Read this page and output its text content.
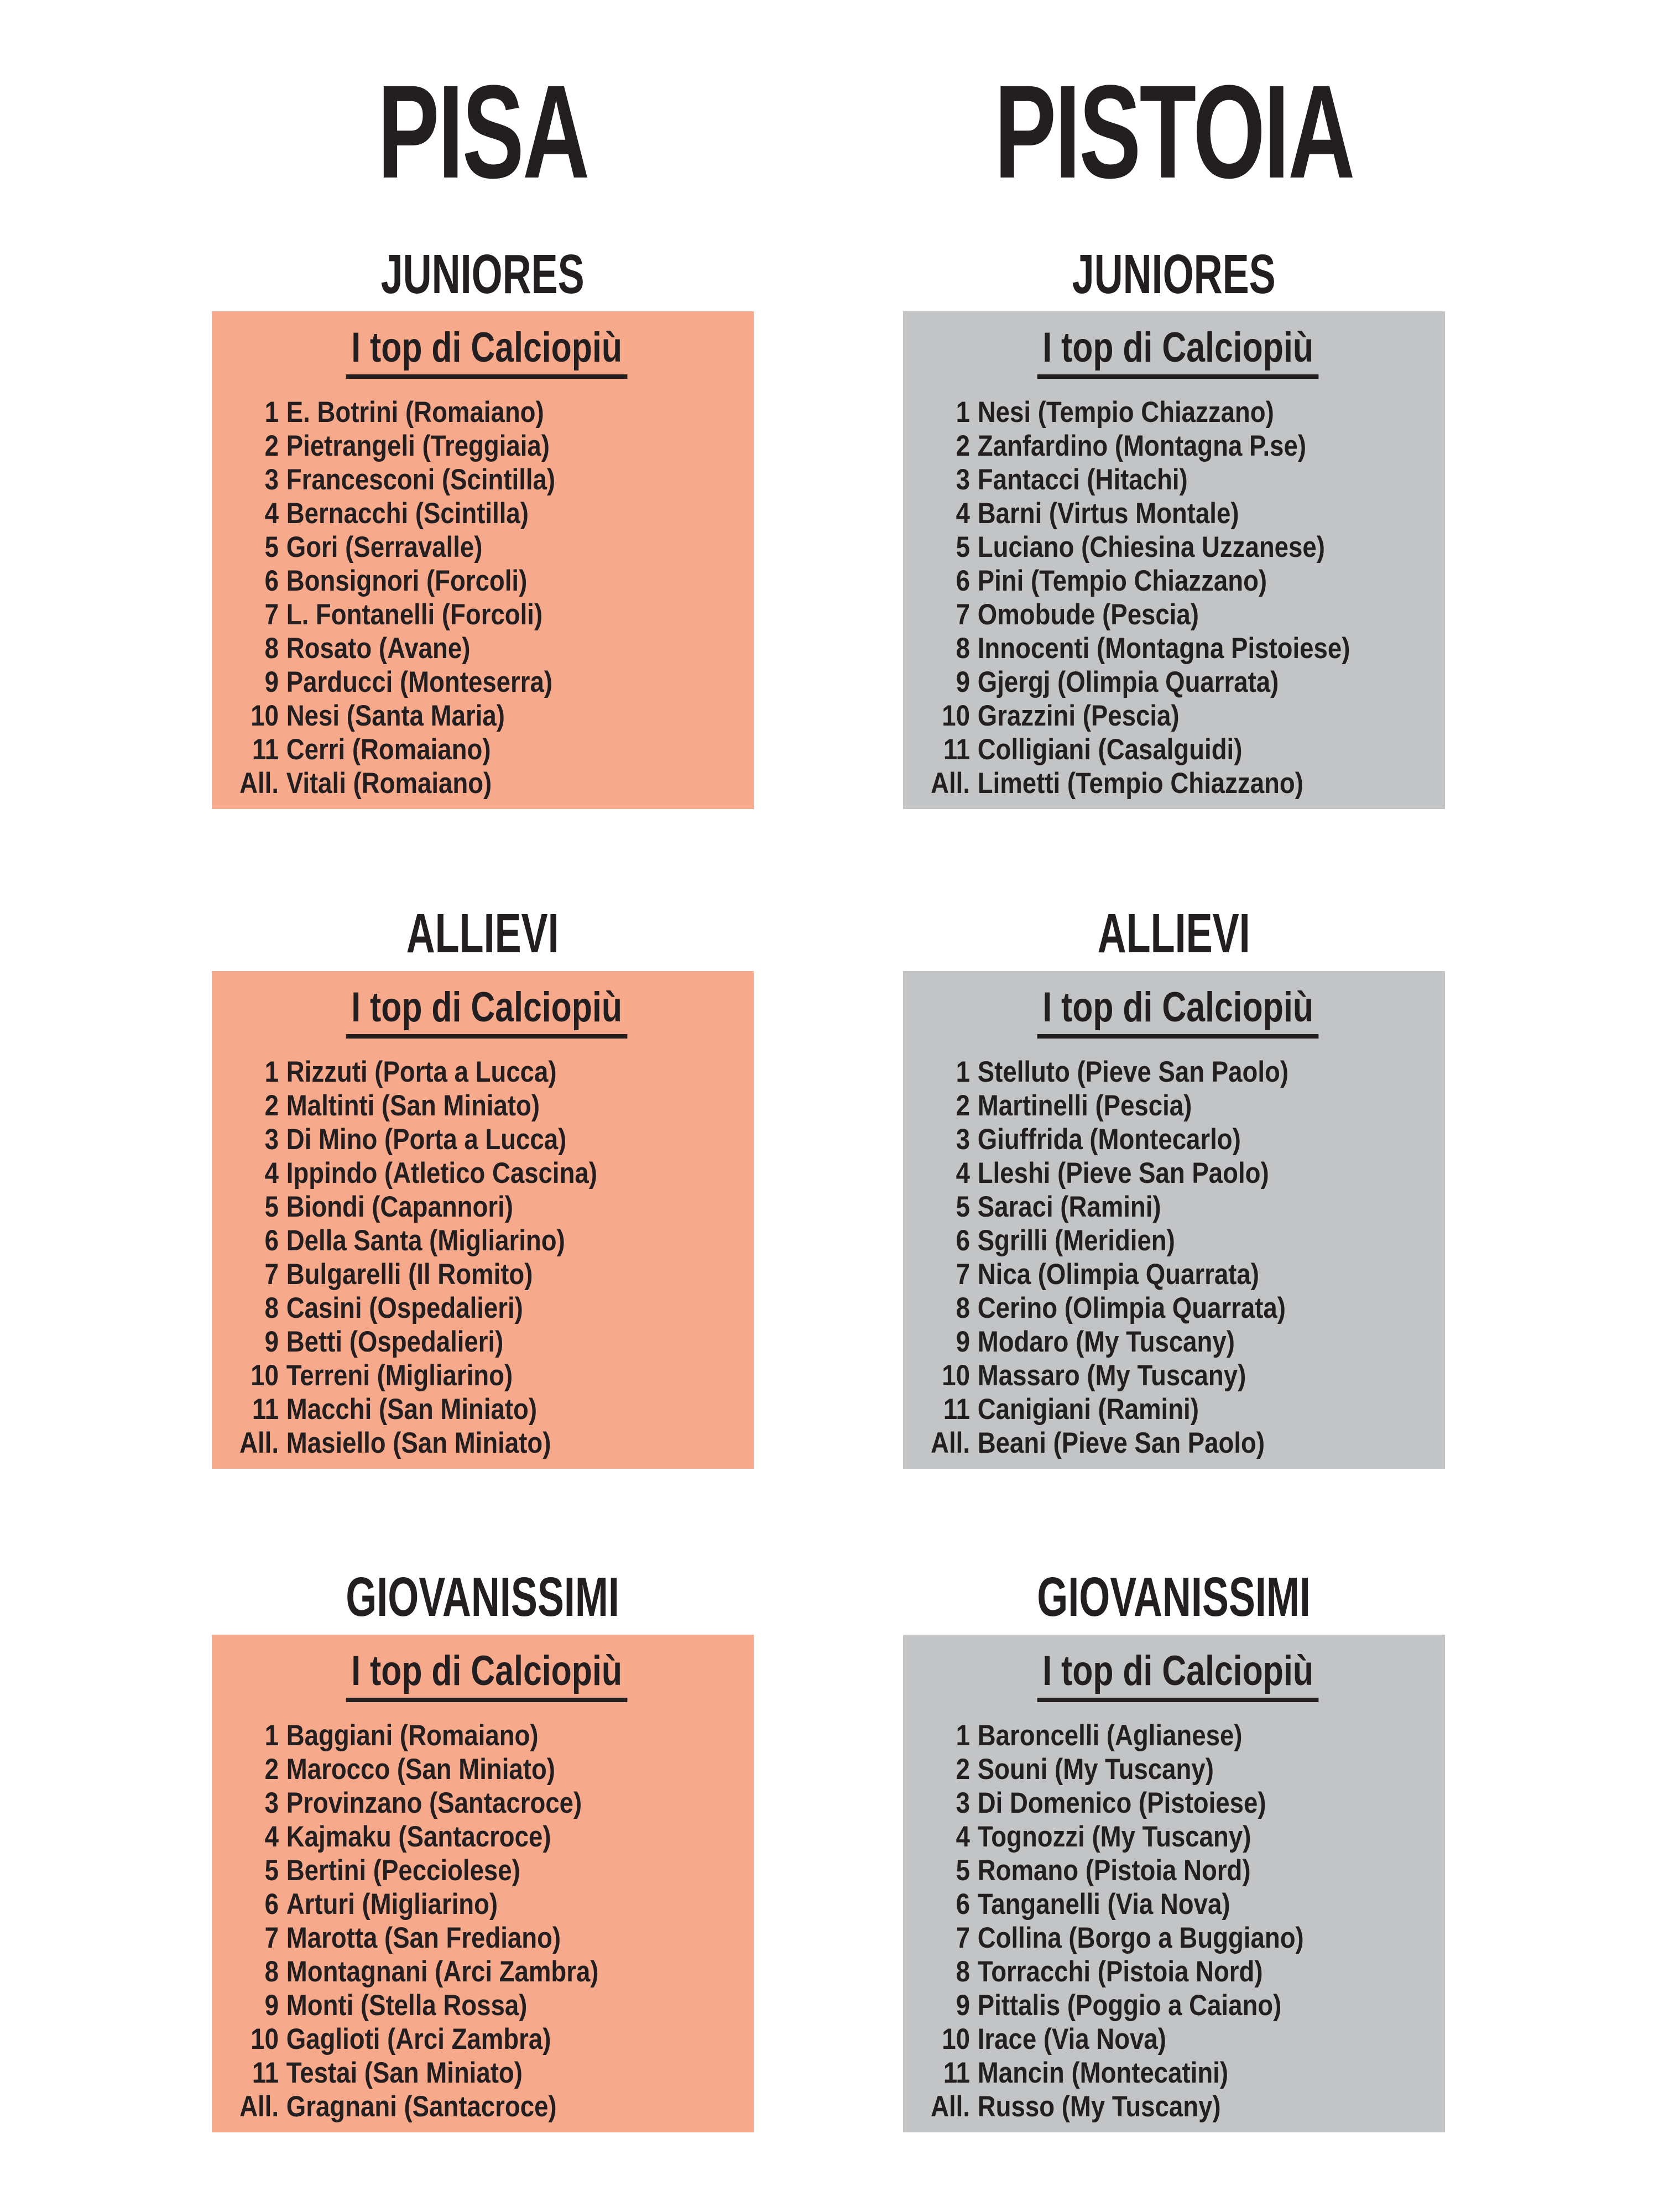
PISA
JUNIORES
I top di Calciopiù
1 E. Botrini (Romaiano)
2 Pietrangeli (Treggiaia)
3 Francesconi (Scintilla)
4 Bernacchi (Scintilla)
5 Gori (Serravalle)
6 Bonsignori (Forcoli)
7 L. Fontanelli (Forcoli)
8 Rosato (Avane)
9 Parducci (Monteserra)
10 Nesi (Santa Maria)
11 Cerri (Romaiano)
All. Vitali (Romaiano)
ALLIEVI
I top di Calciopiù
1 Rizzuti (Porta a Lucca)
2 Maltinti (San Miniato)
3 Di Mino (Porta a Lucca)
4 Ippindo (Atletico Cascina)
5 Biondi (Capannori)
6 Della Santa (Migliarino)
7 Bulgarelli (Il Romito)
8 Casini (Ospedalieri)
9 Betti (Ospedalieri)
10 Terreni (Migliarino)
11 Macchi (San Miniato)
All. Masiello (San Miniato)
GIOVANISSIMI
I top di Calciopiù
1 Baggiani (Romaiano)
2 Marocco (San Miniato)
3 Provinzano (Santacroce)
4 Kajmaku (Santacroce)
5 Bertini (Pecciolese)
6 Arturi (Migliarino)
7 Marotta (San Frediano)
8 Montagnani (Arci Zambra)
9 Monti (Stella Rossa)
10 Gaglioti (Arci Zambra)
11 Testai (San Miniato)
All. Gragnani (Santacroce)
PISTOIA
JUNIORES
I top di Calciopiù
1 Nesi (Tempio Chiazzano)
2 Zanfardino (Montagna P.se)
3 Fantacci (Hitachi)
4 Barni (Virtus Montale)
5 Luciano (Chiesina Uzzanese)
6 Pini (Tempio Chiazzano)
7 Omobude (Pescia)
8 Innocenti (Montagna Pistoiese)
9 Gjergj (Olimpia Quarrata)
10 Grazzini (Pescia)
11 Colligiani (Casalguidi)
All. Limetti (Tempio Chiazzano)
ALLIEVI
I top di Calciopiù
1 Stelluto (Pieve San Paolo)
2 Martinelli (Pescia)
3 Giuffrida (Montecarlo)
4 Lleshi (Pieve San Paolo)
5 Saraci (Ramini)
6 Sgrilli (Meridien)
7 Nica (Olimpia Quarrata)
8 Cerino (Olimpia Quarrata)
9 Modaro (My Tuscany)
10 Massaro (My Tuscany)
11 Canigiani (Ramini)
All. Beani (Pieve San Paolo)
GIOVANISSIMI
I top di Calciopiù
1 Baroncelli (Aglianese)
2 Souni (My Tuscany)
3 Di Domenico (Pistoiese)
4 Tognozzi (My Tuscany)
5 Romano (Pistoia Nord)
6 Tanganelli (Via Nova)
7 Collina (Borgo a Buggiano)
8 Torracchi (Pistoia Nord)
9 Pittalis (Poggio a Caiano)
10 Irace (Via Nova)
11 Mancin (Montecatini)
All. Russo (My Tuscany)
